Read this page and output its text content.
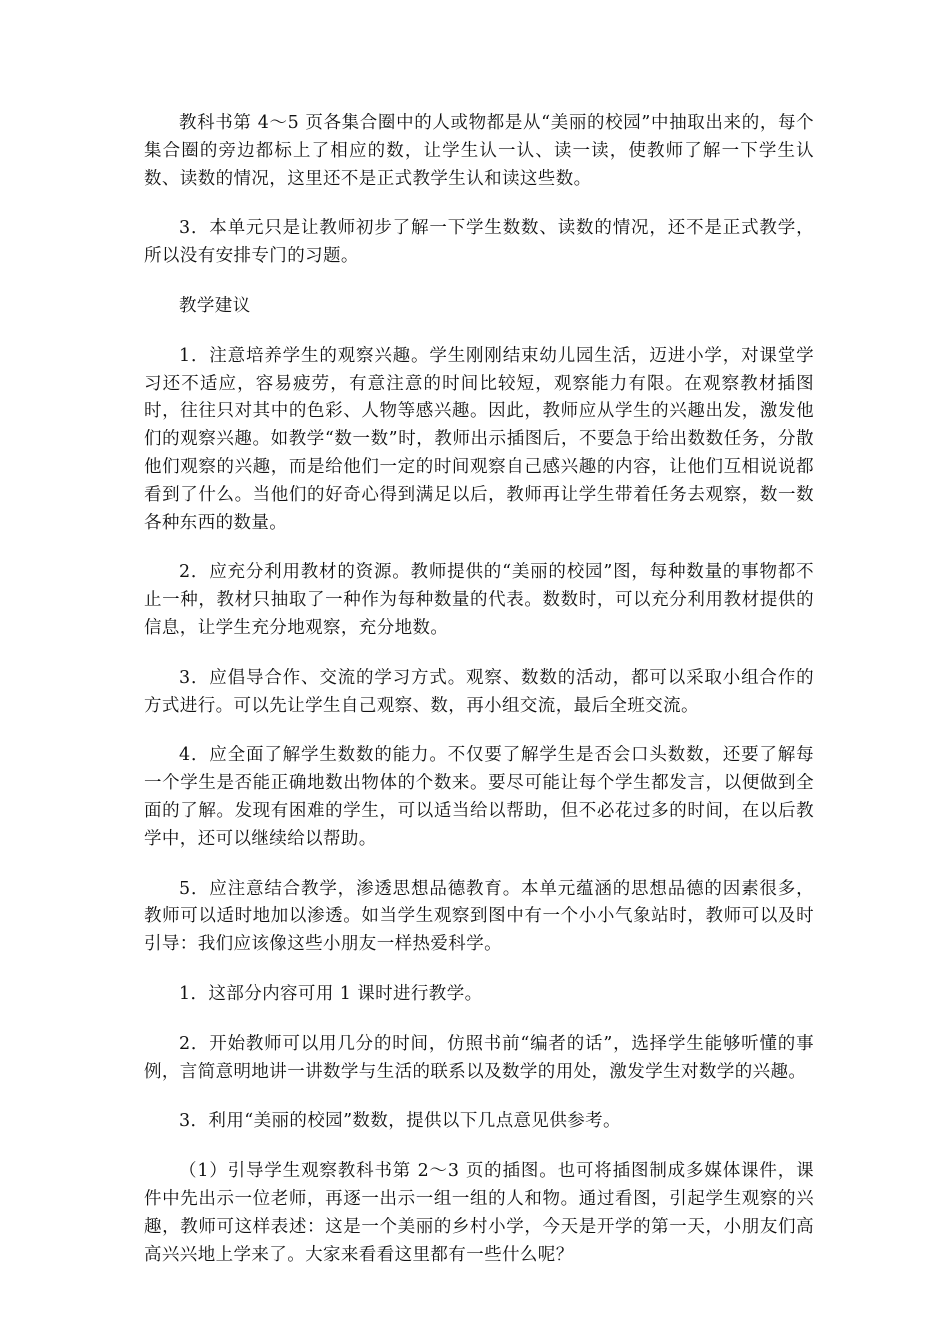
教科书第 4～5 页各集合圈中的人或物都是从“美丽的校园”中抽取出来的，每个集合圈的旁边都标上了相应的数，让学生认一认、读一读，使教师了解一下学生认数、读数的情况，这里还不是正式教学生认和读这些数。

3．本单元只是让教师初步了解一下学生数数、读数的情况，还不是正式教学，所以没有安排专门的习题。

教学建议

1．注意培养学生的观察兴趣。学生刚刚结束幼儿园生活，迈进小学，对课堂学习还不适应，容易疲劳，有意注意的时间比较短，观察能力有限。在观察教材插图时，往往只对其中的色彩、人物等感兴趣。因此，教师应从学生的兴趣出发，激发他们的观察兴趣。如教学“数一数”时，教师出示插图后，不要急于给出数数任务，分散他们观察的兴趣，而是给他们一定的时间观察自己感兴趣的内容，让他们互相说说都看到了什么。当他们的好奇心得到满足以后，教师再让学生带着任务去观察，数一数各种东西的数量。

2．应充分利用教材的资源。教师提供的“美丽的校园”图，每种数量的事物都不止一种，教材只抽取了一种作为每种数量的代表。数数时，可以充分利用教材提供的信息，让学生充分地观察，充分地数。

3．应倡导合作、交流的学习方式。观察、数数的活动，都可以采取小组合作的方式进行。可以先让学生自己观察、数，再小组交流，最后全班交流。

4．应全面了解学生数数的能力。不仅要了解学生是否会口头数数，还要了解每一个学生是否能正确地数出物体的个数来。要尽可能让每个学生都发言，以便做到全面的了解。发现有困难的学生，可以适当给以帮助，但不必花过多的时间，在以后教学中，还可以继续给以帮助。

5．应注意结合教学，渗透思想品德教育。本单元蕴涵的思想品德的因素很多，教师可以适时地加以渗透。如当学生观察到图中有一个小小气象站时，教师可以及时引导：我们应该像这些小朋友一样热爱科学。

1．这部分内容可用 1 课时进行教学。

2．开始教师可以用几分的时间，仿照书前“编者的话”，选择学生能够听懂的事例，言简意明地讲一讲数学与生活的联系以及数学的用处，激发学生对数学的兴趣。

3．利用“美丽的校园”数数，提供以下几点意见供参考。

（1）引导学生观察教科书第 2～3 页的插图。也可将插图制成多媒体课件，课件中先出示一位老师，再逐一出示一组一组的人和物。通过看图，引起学生观察的兴趣，教师可这样表述：这是一个美丽的乡村小学，今天是开学的第一天，小朋友们高高兴兴地上学来了。大家来看看这里都有一些什么呢？
